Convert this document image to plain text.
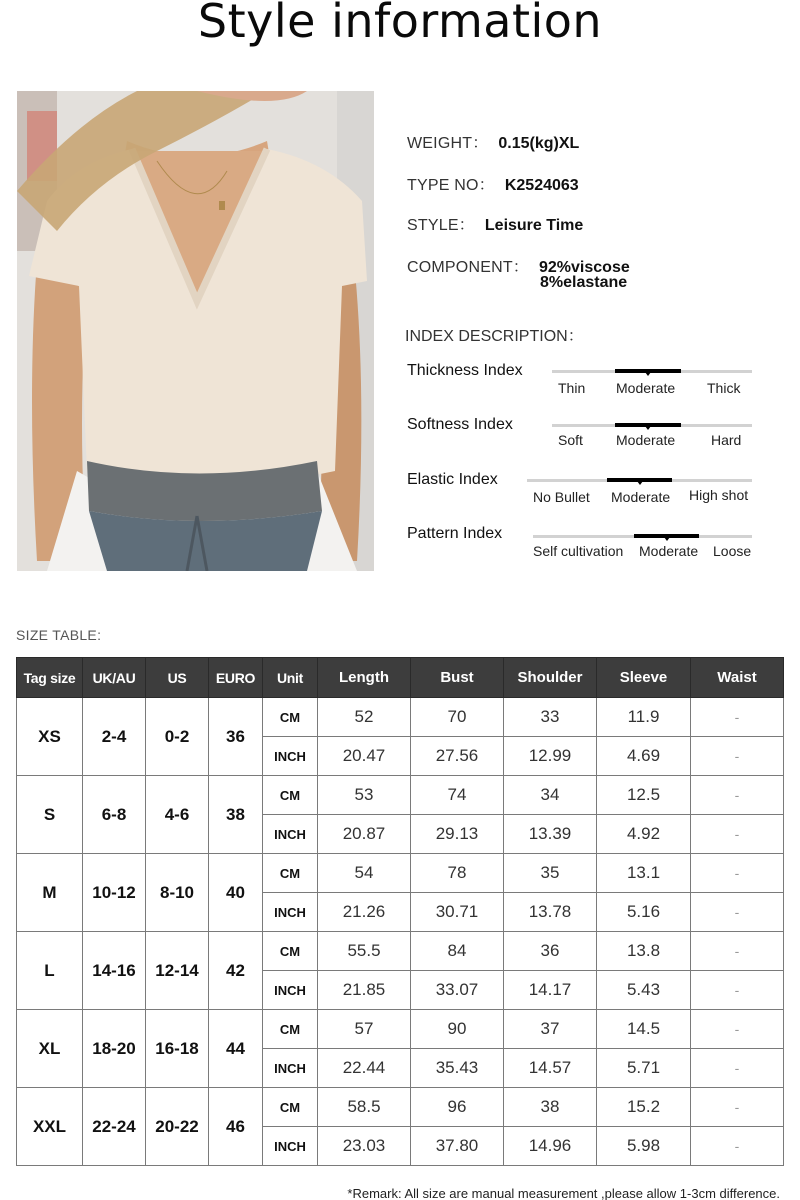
Style information
WEIGHT： 0.15(kg)XL
TYPE NO： K2524063
STYLE： Leisure Time
COMPONENT： 92%viscose
8%elastane
INDEX DESCRIPTION：
Thickness Index
Thin Moderate Thick
Softness Index
Soft Moderate	Hard
Elastic Index
No Bullet Moderate High shot
Pattern Index
Self cultivation Moderate Loose
SIZE TABLE:
Tag size	UK/AU	US	EURO	Unit	Length	Bust	Shoulder	Sleeve	Waist
XS	2-4	0-2	36	CM	52	70	33	11.9	-
				INCH	20.47	27.56	12.99	4.69	-
S	6-8	4-6	38	CM	53	74	34	12.5	-
				INCH	20.87	29.13	13.39	4.92	-
M	10-12	8-10	40	CM	54	78	35	13.1	-
				INCH	21.26	30.71	13.78	5.16	-
L	14-16	12-14	42	CM	55.5	84	36	13.8	-
				INCH	21.85	33.07	14.17	5.43	-
XL	18-20	16-18	44	CM	57	90	37	14.5	-
				INCH	22.44	35.43	14.57	5.71	-
XXL	22-24	20-22	46	CM	58.5	96	38	15.2	-
				INCH	23.03	37.80	14.96	5.98	-
*Remark: All size are manual measurement ,please allow 1-3cm difference.
